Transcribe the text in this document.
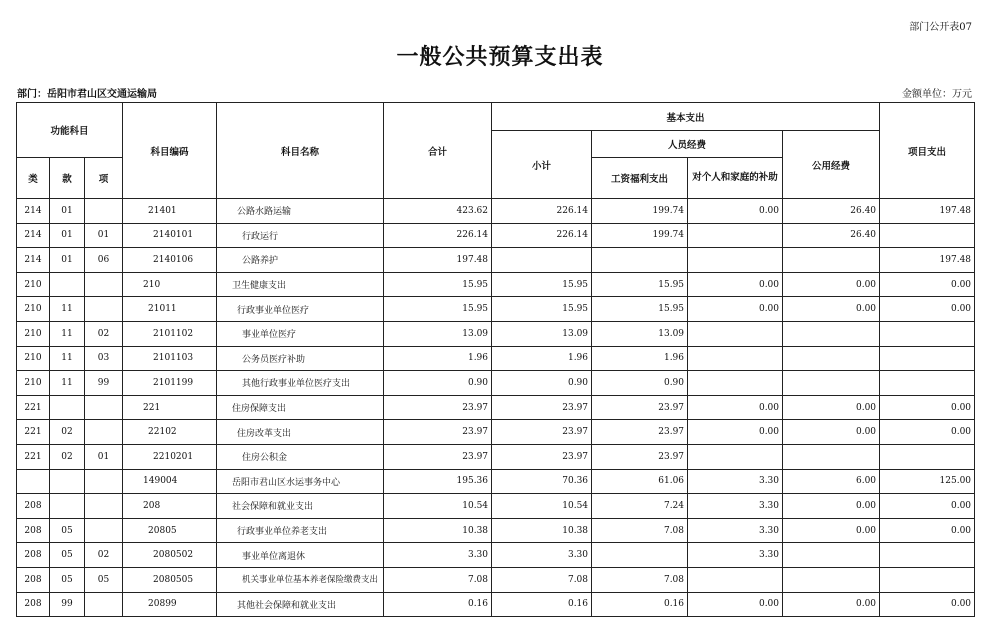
部门公开表07
一般公共预算支出表
部门：岳阳市君山区交通运输局	金额单位：万元
功能科目			科目编码	科目名称	合计	基本支出				项目支出
						小计	人员经费		公用经费	
类	款	项					工资福利支出	对个人和家庭的补助		
214	01		21401	公路水路运输	423.62	226.14	199.74	0.00	26.40	197.48
214	01	01	2140101	行政运行	226.14	226.14	199.74		26.40	
214	01	06	2140106	公路养护	197.48					197.48
210			210	卫生健康支出	15.95	15.95	15.95	0.00	0.00	0.00
210	11		21011	行政事业单位医疗	15.95	15.95	15.95	0.00	0.00	0.00
210	11	02	2101102	事业单位医疗	13.09	13.09	13.09			
210	11	03	2101103	公务员医疗补助	1.96	1.96	1.96			
210	11	99	2101199	其他行政事业单位医疗支出	0.90	0.90	0.90			
221			221	住房保障支出	23.97	23.97	23.97	0.00	0.00	0.00
221	02		22102	住房改革支出	23.97	23.97	23.97	0.00	0.00	0.00
221	02	01	2210201	住房公积金	23.97	23.97	23.97			
			149004	岳阳市君山区水运事务中心	195.36	70.36	61.06	3.30	6.00	125.00
208			208	社会保障和就业支出	10.54	10.54	7.24	3.30	0.00	0.00
208	05		20805	行政事业单位养老支出	10.38	10.38	7.08	3.30	0.00	0.00
208	05	02	2080502	事业单位离退休	3.30	3.30		3.30		
208	05	05	2080505	机关事业单位基本养老保险缴费支出	7.08	7.08	7.08			
208	99		20899	其他社会保障和就业支出	0.16	0.16	0.16	0.00	0.00	0.00
